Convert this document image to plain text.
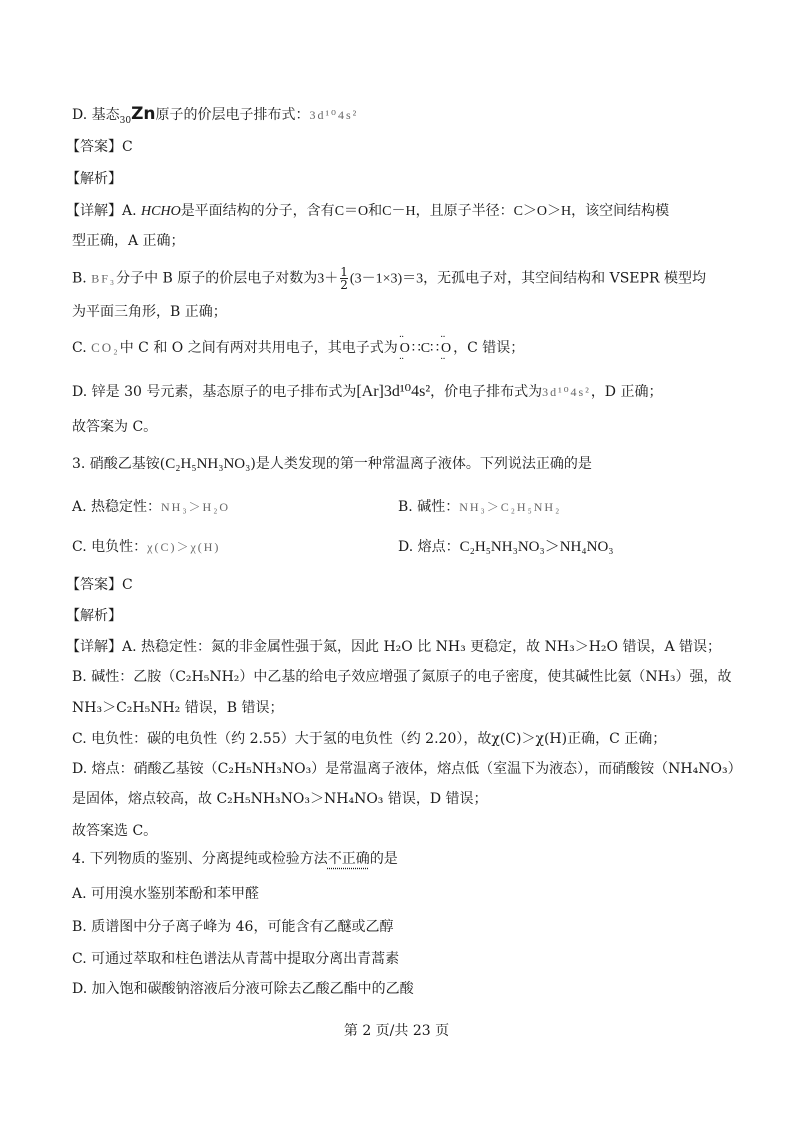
D. 基态$_{30}$Zn原子的价层电子排布式：3d¹⁰4s²
【答案】C
【解析】
【详解】A. HCHO是平面结构的分子，含有C＝O和C－H，且原子半径：C＞O＞H，该空间结构模
型正确，A 正确；
B. BF₃分子中 B 原子的价层电子对数为$3+ \frac{1}{2} (3-1\times 3)=3$，无孤电子对，其空间结构和 VSEPR 模型均
为平面三角形，B 正确；
C. CO₂中 C 和 O 之间有两对共用电子，其电子式为 ·· O ·· ∷C∷ ·· O ·· ，C 错误；
D. 锌是 30 号元素，基态原子的电子排布式为[Ar]3d¹⁰4s²，价电子排布式为3d¹⁰4s²，D 正确；
故答案为 C。
3. 硝酸乙基铵(C₂H₅NH₃NO₃)是人类发现的第一种常温离子液体。下列说法正确的是
A. 热稳定性：NH₃＞H₂O	B. 碱性：NH₃＞C₂H₅NH₂
C. 电负性：χ(C)＞χ(H)	D. 熔点：C₂H₅NH₃NO₃＞NH₄NO₃
【答案】C
【解析】
【详解】A. 热稳定性：氮的非金属性强于氮，因此 H₂O 比 NH₃ 更稳定，故 NH₃＞H₂O 错误，A 错误；
B. 碱性：乙胺（C₂H₅NH₂）中乙基的给电子效应增强了氮原子的电子密度，使其碱性比氨（NH₃）强，故
NH₃＞C₂H₅NH₂ 错误，B 错误；
C. 电负性：碳的电负性（约 2.55）大于氢的电负性（约 2.20），故χ(C)＞χ(H)正确，C 正确；
D. 熔点：硝酸乙基铵（C₂H₅NH₃NO₃）是常温离子液体，熔点低（室温下为液态），而硝酸铵（NH₄NO₃）
是固体，熔点较高，故 C₂H₅NH₃NO₃＞NH₄NO₃ 错误，D 错误；
故答案选 C。
4. 下列物质的鉴别、分离提纯或检验方法不正确的是
A. 可用溴水鉴别苯酚和苯甲醛
B. 质谱图中分子离子峰为 46，可能含有乙醚或乙醇
C. 可通过萃取和柱色谱法从青蒿中提取分离出青蒿素
D. 加入饱和碳酸钠溶液后分液可除去乙酸乙酯中的乙酸
第 2 页/共 23 页
